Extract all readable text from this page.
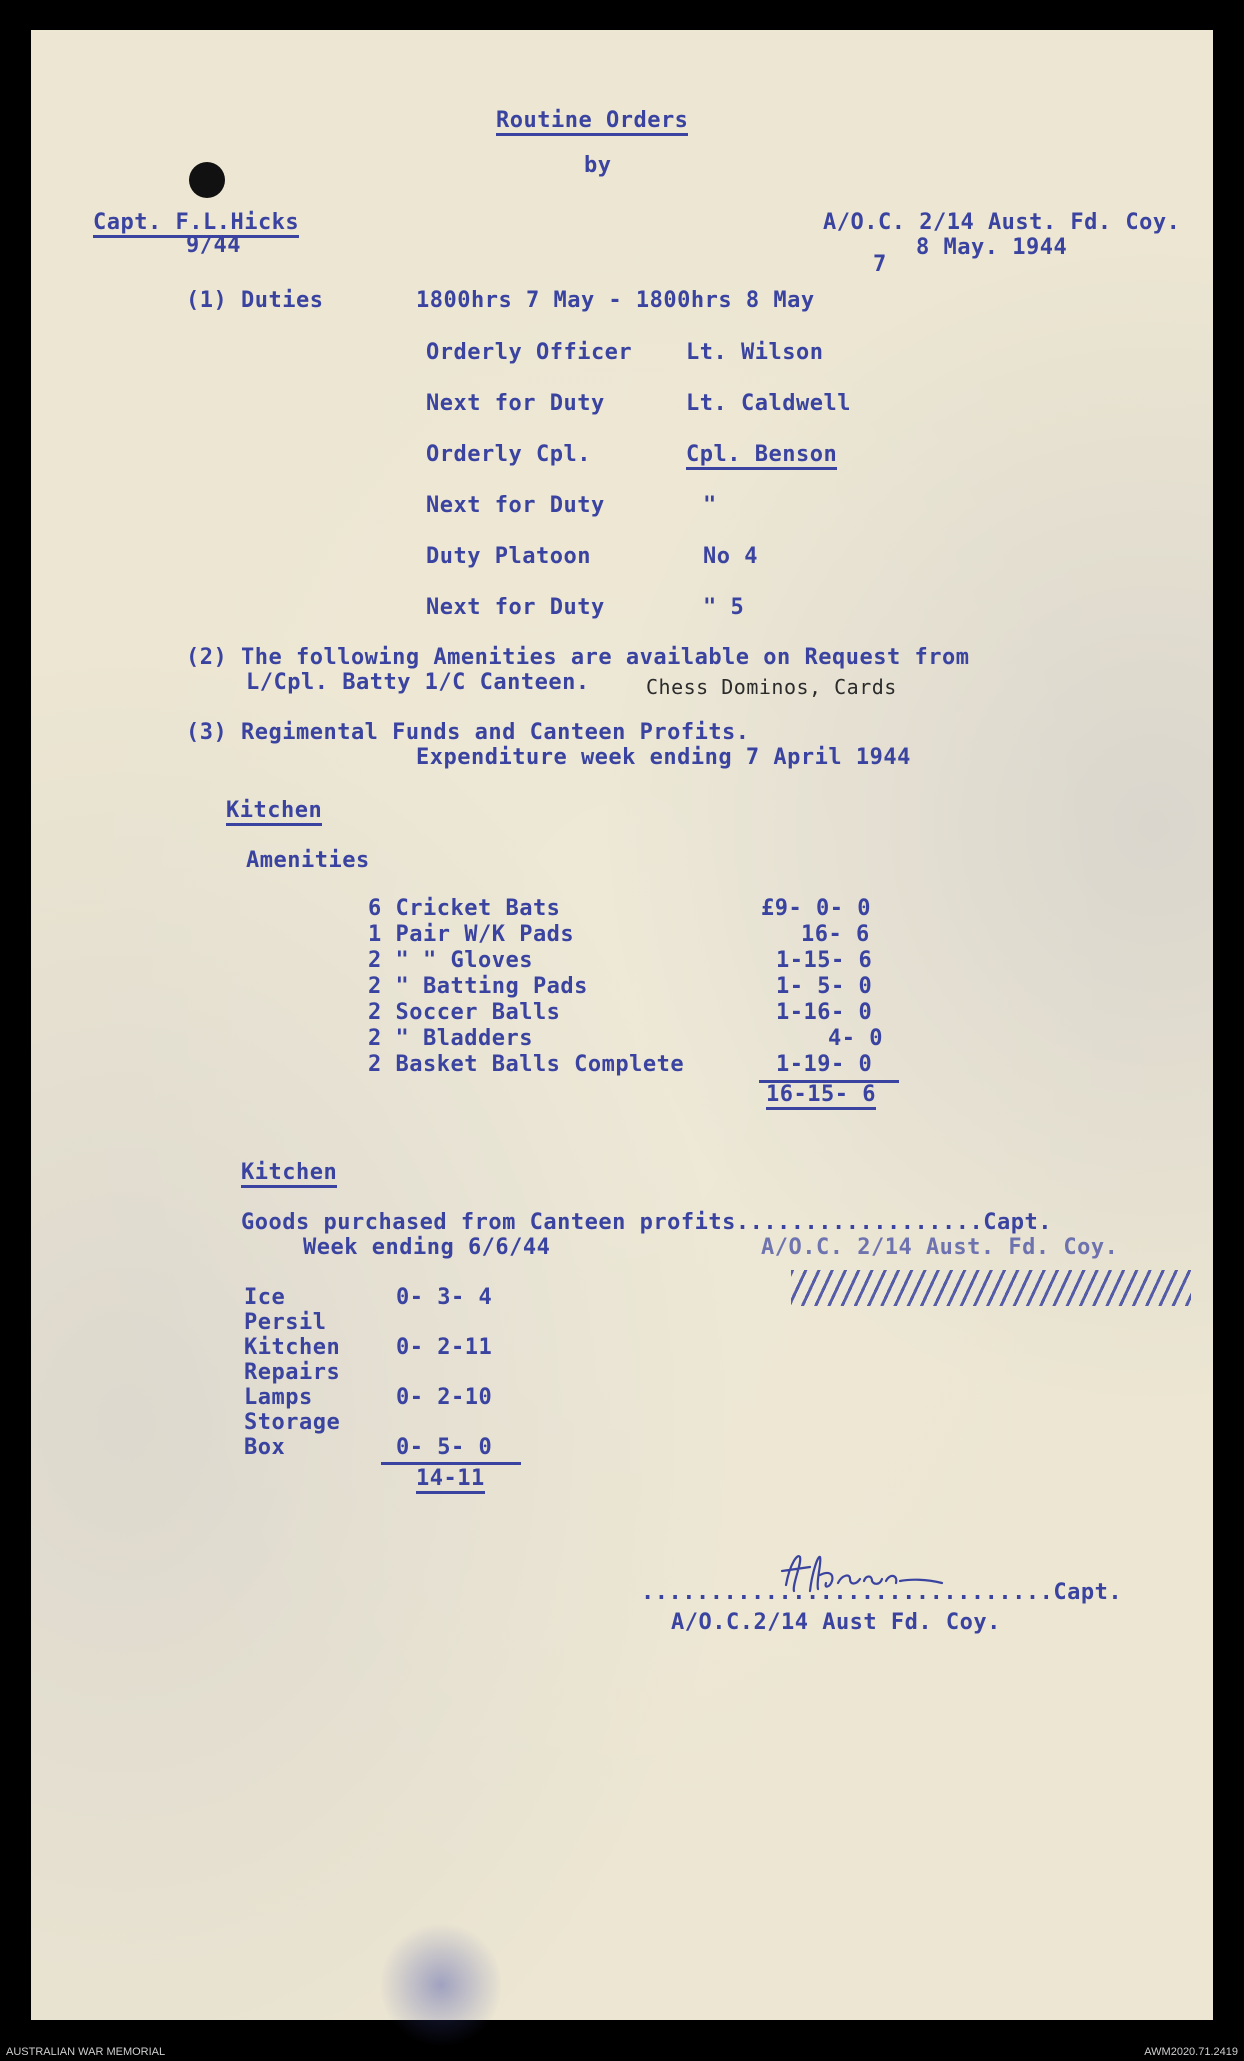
Routine Orders
by
Capt. F.L.Hicks
9/44
A/O.C. 2/14 Aust. Fd. Coy.
8 May. 1944
7
(1) Duties	1800hrs 7 May - 1800hrs 8 May
Orderly Officer Lt. Wilson
Next for Duty	Lt. Caldwell
Orderly Cpl.	Cpl. Benson
Next for Duty	"
Duty Platoon	No 4
Next for Duty	" 5
(2) The following Amenities are available on Request from
L/Cpl. Batty 1/C Canteen.	Chess Dominos, Cards
(3) Regimental Funds and Canteen Profits.
Expenditure week ending 7 April 1944
Kitchen
Amenities
6 Cricket Bats	£9- 0- 0
1 Pair W/K Pads	16- 6
2 " " Gloves	1-15- 6
2 " Batting Pads	1- 5- 0
2 Soccer Balls	1-16- 0
2 " Bladders	4- 0
2 Basket Balls Complete	1-19- 0
16-15- 6
Kitchen
Goods purchased from Canteen profits..................Capt.
Week ending 6/6/44	A/O.C. 2/14 Aust. Fd. Coy.
Ice	0- 3- 4
Persil
Kitchen	0- 2-11
Repairs
Lamps	0- 2-10
Storage
Box	0- 5- 0
14-11
..............................Capt.
A/O.C.2/14 Aust Fd. Coy.
AUSTRALIAN WAR MEMORIAL	AWM2020.71.2419
